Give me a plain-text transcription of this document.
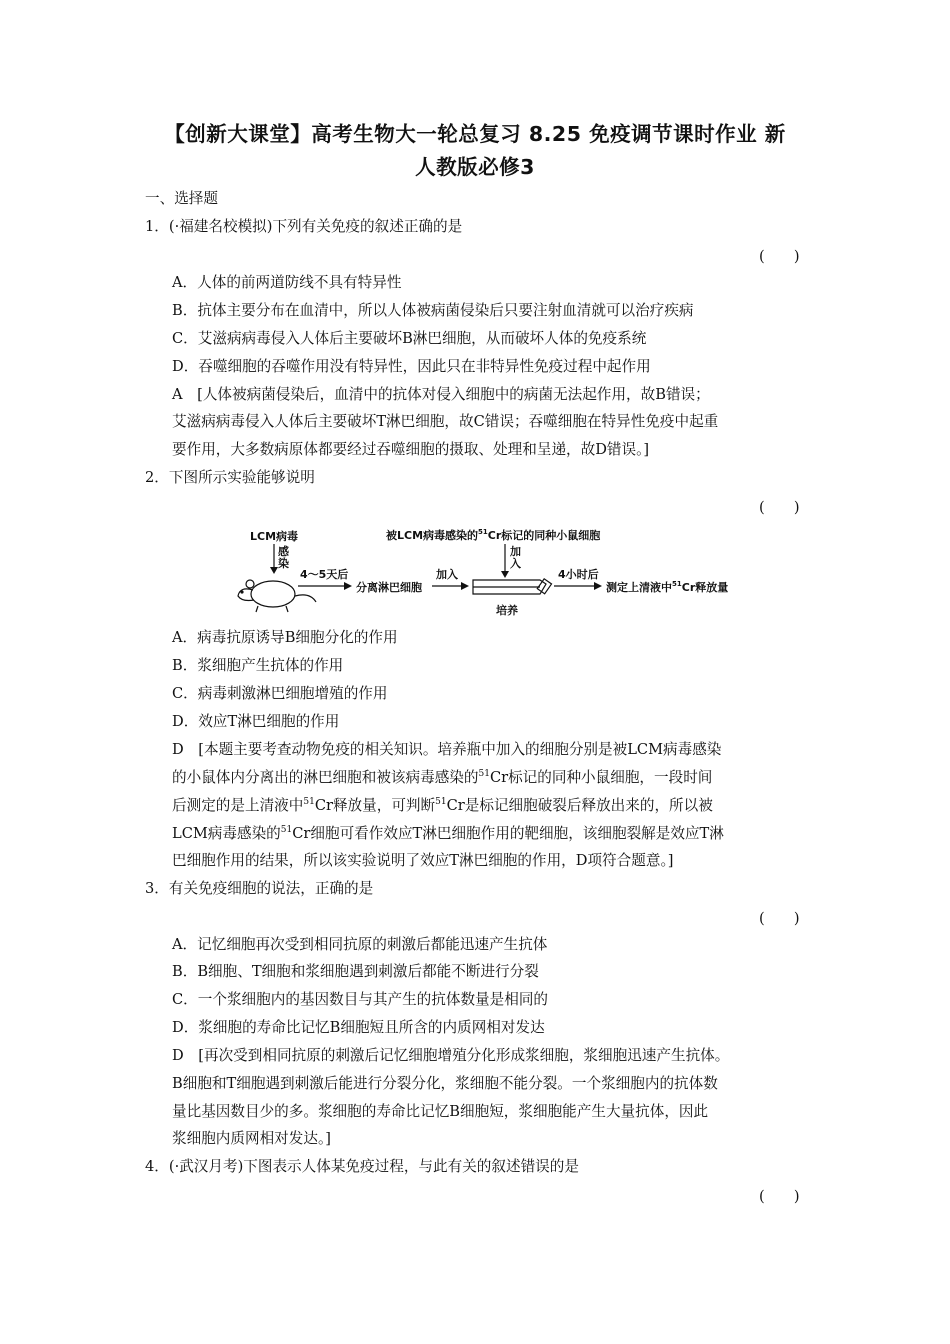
【创新大课堂】高考生物大一轮总复习 8.25 免疫调节课时作业 新
人教版必修3
一、选择题
1．(·福建名校模拟)下列有关免疫的叙述正确的是
(　　)
A．人体的前两道防线不具有特异性
B．抗体主要分布在血清中，所以人体被病菌侵染后只要注射血清就可以治疗疾病
C．艾滋病病毒侵入人体后主要破坏B淋巴细胞，从而破坏人体的免疫系统
D．吞噬细胞的吞噬作用没有特异性，因此只在非特异性免疫过程中起作用
A　[人体被病菌侵染后，血清中的抗体对侵入细胞中的病菌无法起作用，故B错误；
艾滋病病毒侵入人体后主要破坏T淋巴细胞，故C错误；吞噬细胞在特异性免疫中起重
要作用，大多数病原体都要经过吞噬细胞的摄取、处理和呈递，故D错误。]
2．下图所示实验能够说明
(　　)
LCM病毒
感
染
4～5天后
分离淋巴细胞
加入
被LCM病毒感染的$^{51}$Cr标记的同种小鼠细胞
加
入
培养
4小时后
测定上清液中$^{51}$Cr释放量
A．病毒抗原诱导B细胞分化的作用
B．浆细胞产生抗体的作用
C．病毒刺激淋巴细胞增殖的作用
D．效应T淋巴细胞的作用
D　[本题主要考查动物免疫的相关知识。培养瓶中加入的细胞分别是被LCM病毒感染
的小鼠体内分离出的淋巴细胞和被该病毒感染的$^{51}$Cr标记的同种小鼠细胞，一段时间
后测定的是上清液中$^{51}$Cr释放量，可判断$^{51}$Cr是标记细胞破裂后释放出来的，所以被
LCM病毒感染的$^{51}$Cr细胞可看作效应T淋巴细胞作用的靶细胞，该细胞裂解是效应T淋
巴细胞作用的结果，所以该实验说明了效应T淋巴细胞的作用，D项符合题意。]
3．有关免疫细胞的说法，正确的是
(　　)
A．记忆细胞再次受到相同抗原的刺激后都能迅速产生抗体
B．B细胞、T细胞和浆细胞遇到刺激后都能不断进行分裂
C．一个浆细胞内的基因数目与其产生的抗体数量是相同的
D．浆细胞的寿命比记忆B细胞短且所含的内质网相对发达
D　[再次受到相同抗原的刺激后记忆细胞增殖分化形成浆细胞，浆细胞迅速产生抗体。
B细胞和T细胞遇到刺激后能进行分裂分化，浆细胞不能分裂。一个浆细胞内的抗体数
量比基因数目少的多。浆细胞的寿命比记忆B细胞短，浆细胞能产生大量抗体，因此
浆细胞内质网相对发达。]
4．(·武汉月考)下图表示人体某免疫过程，与此有关的叙述错误的是
(　　)
